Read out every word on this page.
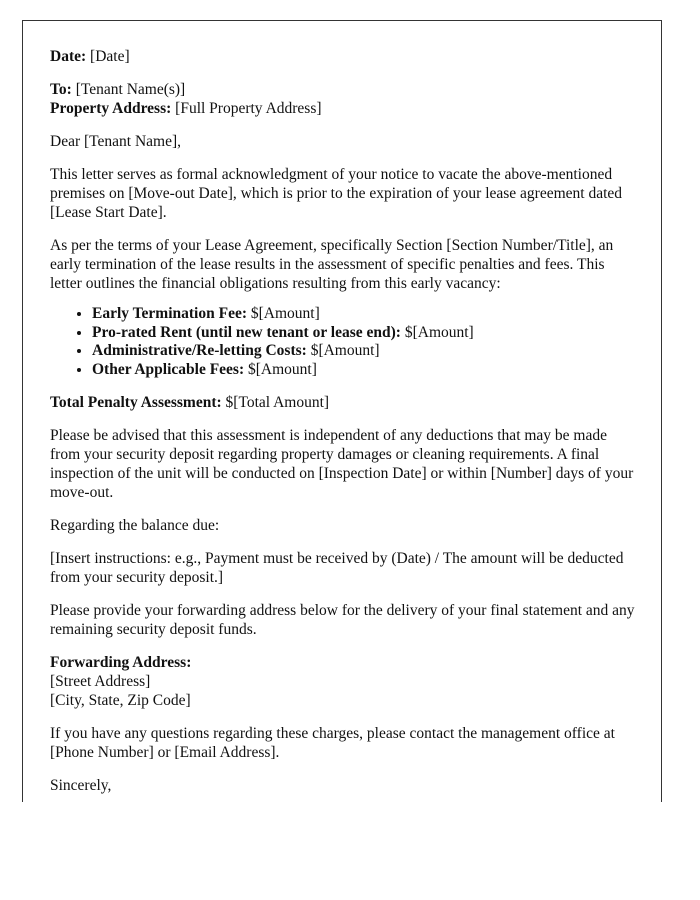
Date: [Date]

To: [Tenant Name(s)]
Property Address: [Full Property Address]

Dear [Tenant Name],

This letter serves as formal acknowledgment of your notice to vacate the above-mentioned premises on [Move-out Date], which is prior to the expiration of your lease agreement dated [Lease Start Date].

As per the terms of your Lease Agreement, specifically Section [Section Number/Title], an early termination of the lease results in the assessment of specific penalties and fees. This letter outlines the financial obligations resulting from this early vacancy:

• Early Termination Fee: $[Amount]
• Pro-rated Rent (until new tenant or lease end): $[Amount]
• Administrative/Re-letting Costs: $[Amount]
• Other Applicable Fees: $[Amount]

Total Penalty Assessment: $[Total Amount]

Please be advised that this assessment is independent of any deductions that may be made from your security deposit regarding property damages or cleaning requirements. A final inspection of the unit will be conducted on [Inspection Date] or within [Number] days of your move-out.

Regarding the balance due:

[Insert instructions: e.g., Payment must be received by (Date) / The amount will be deducted from your security deposit.]

Please provide your forwarding address below for the delivery of your final statement and any remaining security deposit funds.

Forwarding Address:
[Street Address]
[City, State, Zip Code]

If you have any questions regarding these charges, please contact the management office at [Phone Number] or [Email Address].

Sincerely,
